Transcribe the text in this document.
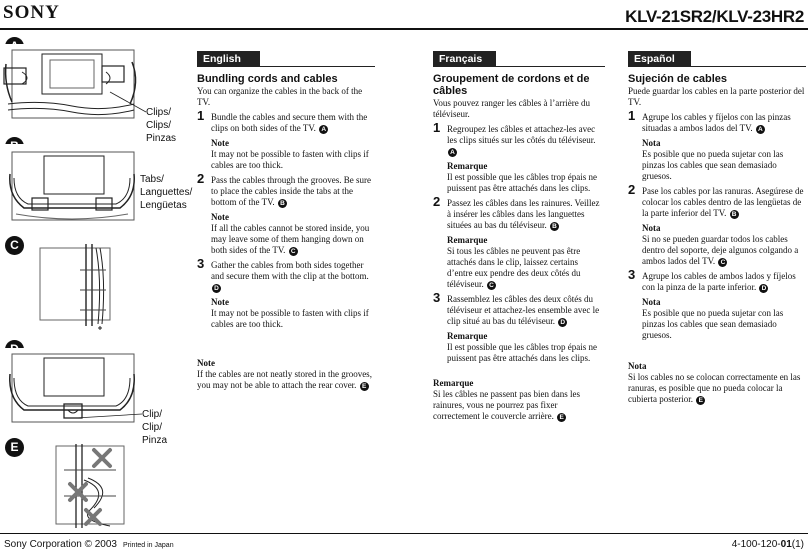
SONY	KLV-21SR2/KLV-23HR2
A
B
C
D
E
Clips/
Clips/
Pinzas
Tabs/
Languettes/
Lengüetas
Clip/
Clip/
Pinza
English
Bundling cords and cables

You can organize the cables in the back of the TV.

1 Bundle the cables and secure them with the clips on both sides of the TV. A
Note
It may not be possible to fasten with clips if cables are too thick.
2 Pass the cables through the grooves. Be sure to place the cables inside the tabs at the bottom of the TV. B
Note
If all the cables cannot be stored inside, you may leave some of them hanging down on both sides of the TV. C
3 Gather the cables from both sides together and secure them with the clip at the bottom. D
Note
It may not be possible to fasten with clips if cables are too thick.
Note
If the cables are not neatly stored in the grooves, you may not be able to attach the rear cover. E
Français
Groupement de cordons et de câbles

Vous pouvez ranger les câbles à l’arrière du téléviseur.

1 Regroupez les câbles et attachez-les avec les clips situés sur les côtés du téléviseur. A
Remarque
Il est possible que les câbles trop épais ne puissent pas être attachés dans les clips.
2 Passez les câbles dans les rainures. Veillez à insérer les câbles dans les languettes situées au bas du téléviseur. B
Remarque
Si tous les câbles ne peuvent pas être attachés dans le clip, laissez certains d’entre eux pendre des deux côtés du téléviseur. C
3 Rassemblez les câbles des deux côtés du téléviseur et attachez-les ensemble avec le clip situé au bas du téléviseur. D
Remarque
Il est possible que les câbles trop épais ne puissent pas être attachés dans les clips.
Remarque
Si les câbles ne passent pas bien dans les rainures, vous ne pourrez pas fixer correctement le couvercle arrière. E
Español
Sujeción de cables

Puede guardar los cables en la parte posterior del TV.

1 Agrupe los cables y fíjelos con las pinzas situadas a ambos lados del TV. A
Nota
Es posible que no pueda sujetar con las pinzas los cables que sean demasiado gruesos.
2 Pase los cables por las ranuras. Asegúrese de colocar los cables dentro de las lengüetas de la parte inferior del TV. B
Nota
Si no se pueden guardar todos los cables dentro del soporte, deje algunos colgando a ambos lados del TV. C
3 Agrupe los cables de ambos lados y fíjelos con la pinza de la parte inferior. D
Nota
Es posible que no pueda sujetar con las pinzas los cables que sean demasiado gruesos.
Nota
Si los cables no se colocan correctamente en las ranuras, es posible que no pueda colocar la cubierta posterior. E
Sony Corporation © 2003 Printed in Japan	4-100-120-01(1)
